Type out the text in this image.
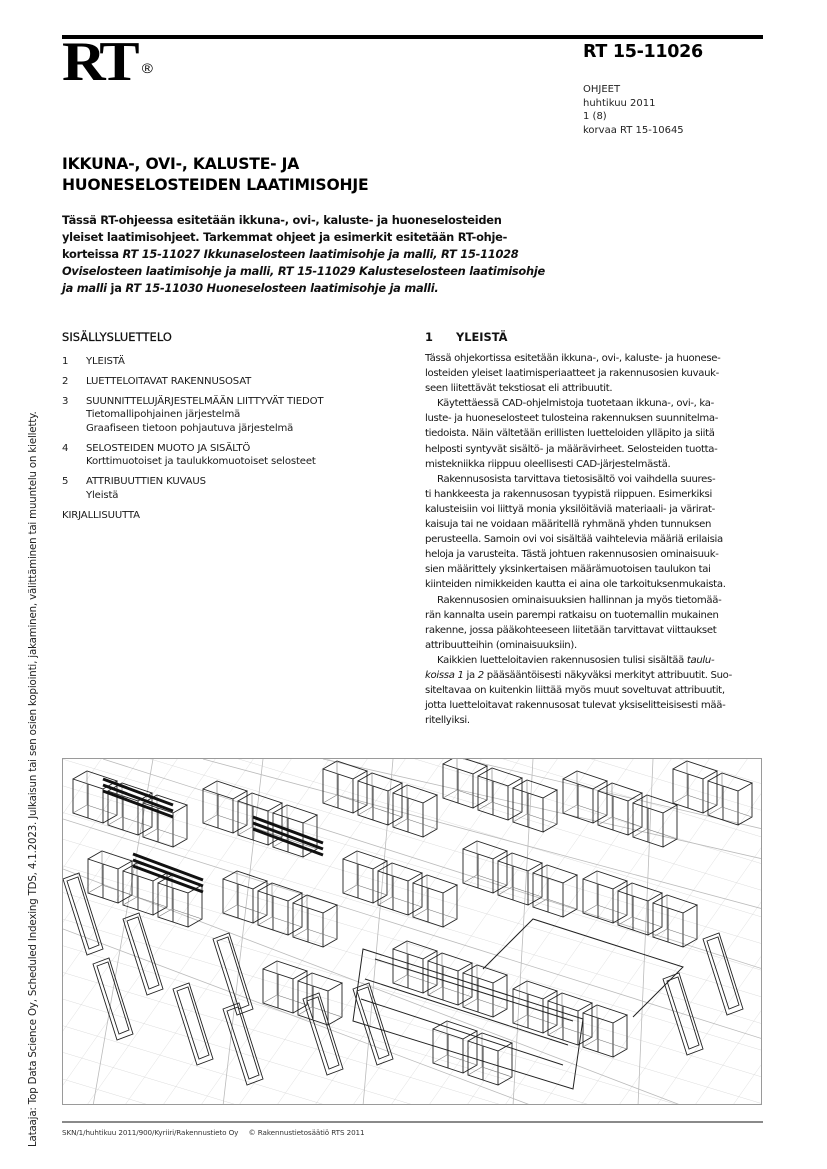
RT ®
RT 15-11026
OHJEET
huhtikuu 2011
1 (8)
korvaa RT 15-10645
IKKUNA-, OVI-, KALUSTE- JA
HUONESELOSTEIDEN LAATIMISOHJE
Tässä RT-ohjeessa esitetään ikkuna-, ovi-, kaluste- ja huoneselosteiden
yleiset laatimisohjeet. Tarkemmat ohjeet ja esimerkit esitetään RT-ohje-
korteissa RT 15-11027 Ikkunaselosteen laatimisohje ja malli, RT 15-11028
Oviselosteen laatimisohje ja malli, RT 15-11029 Kalusteselosteen laatimisohje
ja malli ja RT 15-11030 Huoneselosteen laatimisohje ja malli.
SISÄLLYSLUETTELO
1 YLEISTÄ
2 LUETTELOITAVAT RAKENNUSOSAT
3 SUUNNITTELUJÄRJESTELMÄÄN LIITTYVÄT TIEDOT
Tietomallipohjainen järjestelmä
Graafiseen tietoon pohjautuva järjestelmä
4 SELOSTEIDEN MUOTO JA SISÄLTÖ
Korttimuotoiset ja taulukkomuotoiset selosteet
5 ATTRIBUUTTIEN KUVAUS
Yleistä
KIRJALLISUUTTA
1 YLEISTÄ
Tässä ohjekortissa esitetään ikkuna-, ovi-, kaluste- ja huonese-
losteiden yleiset laatimisperiaatteet ja rakennusosien kuvauk-
seen liitettävät tekstiosat eli attribuutit.
Käytettäessä CAD-ohjelmistoja tuotetaan ikkuna-, ovi-, ka-
luste- ja huoneselosteet tulosteina rakennuksen suunnitelma-
tiedoista. Näin vältetään erillisten luetteloiden ylläpito ja siitä
helposti syntyvät sisältö- ja määrävirheet. Selosteiden tuotta-
mistekniikka riippuu oleellisesti CAD-järjestelmästä.
Rakennusosista tarvittava tietosisältö voi vaihdella suures-
ti hankkeesta ja rakennusosan tyypistä riippuen. Esimerkiksi
kalusteisiin voi liittyä monia yksilöitäviä materiaali- ja värirat-
kaisuja tai ne voidaan määritellä ryhmänä yhden tunnuksen
perusteella. Samoin ovi voi sisältää vaihtelevia määriä erilaisia
heloja ja varusteita. Tästä johtuen rakennusosien ominaisuuk-
sien määrittely yksinkertaisen määrämuotoisen taulukon tai
kiinteiden nimikkeiden kautta ei aina ole tarkoituksenmukaista.
Rakennusosien ominaisuuksien hallinnan ja myös tietomää-
rän kannalta usein parempi ratkaisu on tuotemallin mukainen
rakenne, jossa pääkohteeseen liitetään tarvittavat viittaukset
attribuutteihin (ominaisuuksiin).
Kaikkien luetteloitavien rakennusosien tulisi sisältää taulu-
koissa 1 ja 2 pääsääntöisesti näkyväksi merkityt attribuutit. Suo-
siteltavaa on kuitenkin liittää myös muut soveltuvat attribuutit,
jotta luetteloitavat rakennusosat tulevat yksiselitteisisesti mää-
ritellyiksi.
SKN/1/huhtikuu 2011/900/Kyriiri/Rakennustieto Oy © Rakennustietosäätiö RTS 2011
Lataaja: Top Data Science Oy, Scheduled Indexing TDS, 4.1.2023. Julkaisun tai sen osien kopiointi, jakaminen, välittäminen tai muuntelu on kielletty.
